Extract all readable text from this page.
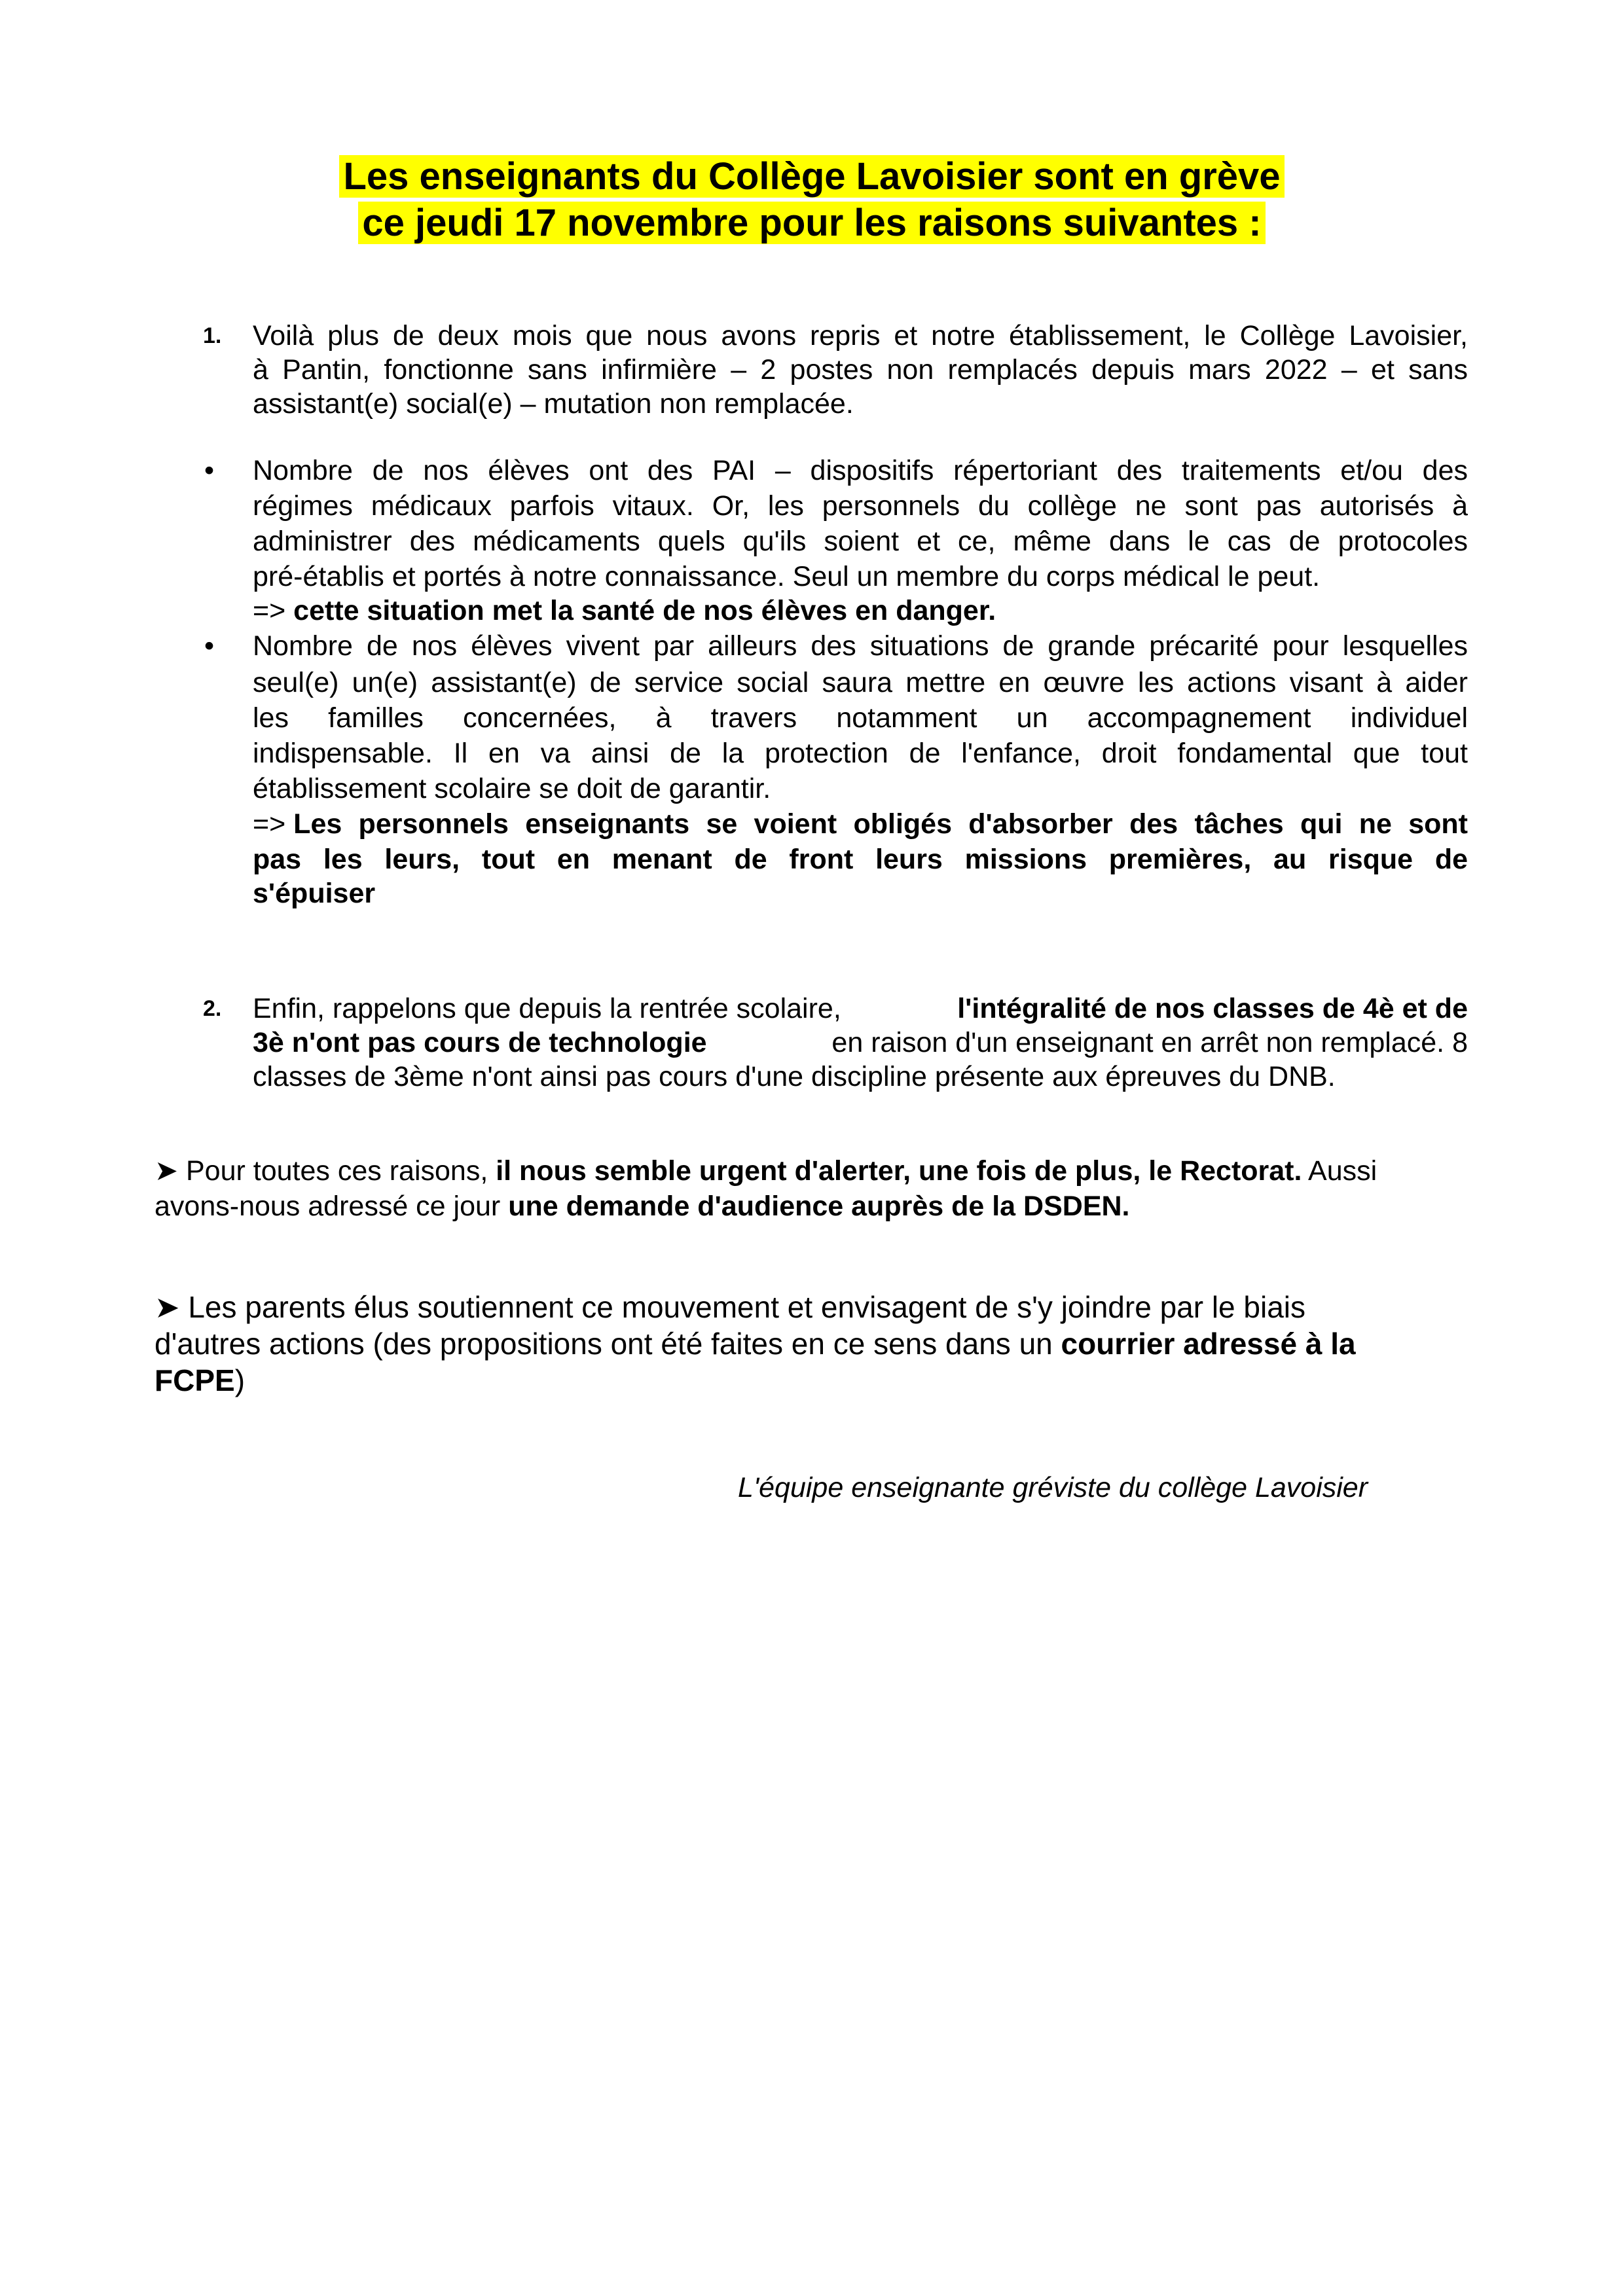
Les enseignants du Collège Lavoisier sont en grève
ce jeudi 17 novembre pour les raisons suivantes :
1. Voilà plus de deux mois que nous avons repris et notre établissement, le Collège Lavoisier,
à Pantin, fonctionne sans infirmière – 2 postes non remplacés depuis mars 2022 – et sans
assistant(e) social(e) – mutation non remplacée.
• Nombre de nos élèves ont des PAI – dispositifs répertoriant des traitements et/ou des
régimes médicaux parfois vitaux. Or, les personnels du collège ne sont pas autorisés à
administrer des médicaments quels qu'ils soient et ce, même dans le cas de protocoles
pré-établis et portés à notre connaissance. Seul un membre du corps médical le peut.
=> cette situation met la santé de nos élèves en danger.
• Nombre de nos élèves vivent par ailleurs des situations de grande précarité pour lesquelles
seul(e) un(e) assistant(e) de service social saura mettre en œuvre les actions visant à aider
les familles concernées, à travers notamment un accompagnement individuel
indispensable. Il en va ainsi de la protection de l'enfance, droit fondamental que tout
établissement scolaire se doit de garantir.
=> Les personnels enseignants se voient obligés d'absorber des tâches qui ne sont
pas les leurs, tout en menant de front leurs missions premières, au risque de
s'épuiser
2. Enfin, rappelons que depuis la rentrée scolaire,	l'intégralité de nos classes de 4è et de
3è n'ont pas cours de technologie	en raison d'un enseignant en arrêt non remplacé. 8
classes de 3ème n'ont ainsi pas cours d'une discipline présente aux épreuves du DNB.
➤ Pour toutes ces raisons, il nous semble urgent d'alerter, une fois de plus, le Rectorat. Aussi
avons-nous adressé ce jour une demande d'audience auprès de la DSDEN.
➤ Les parents élus soutiennent ce mouvement et envisagent de s'y joindre par le biais
d'autres actions (des propositions ont été faites en ce sens dans un courrier adressé à la
FCPE)
L'équipe enseignante gréviste du collège Lavoisier
